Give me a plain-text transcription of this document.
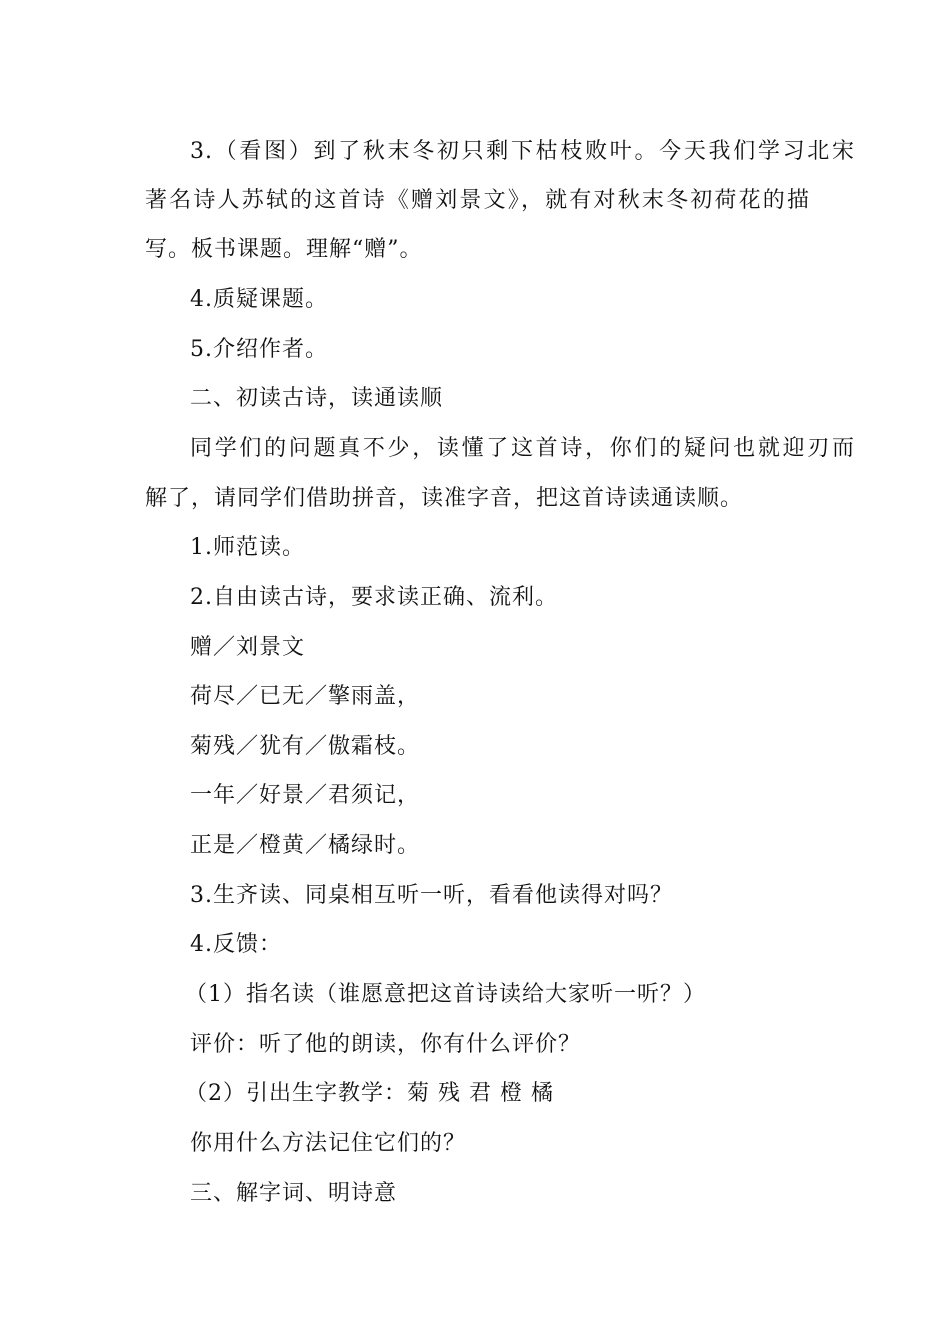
3.（看图）到了秋末冬初只剩下枯枝败叶。今天我们学习北宋
著名诗人苏轼的这首诗《赠刘景文》，就有对秋末冬初荷花的描
写。板书课题。理解“赠”。
4.质疑课题。
5.介绍作者。
二、初读古诗，读通读顺
同学们的问题真不少，读懂了这首诗，你们的疑问也就迎刃而
解了，请同学们借助拼音，读准字音，把这首诗读通读顺。
1.师范读。
2.自由读古诗，要求读正确、流利。
赠／刘景文
荷尽／已无／擎雨盖，
菊残／犹有／傲霜枝。
一年／好景／君须记，
正是／橙黄／橘绿时。
3.生齐读、同桌相互听一听，看看他读得对吗？
4.反馈：
（1）指名读（谁愿意把这首诗读给大家听一听？）
评价：听了他的朗读，你有什么评价？
（2）引出生字教学：菊 残 君 橙 橘
你用什么方法记住它们的？
三、解字词、明诗意
